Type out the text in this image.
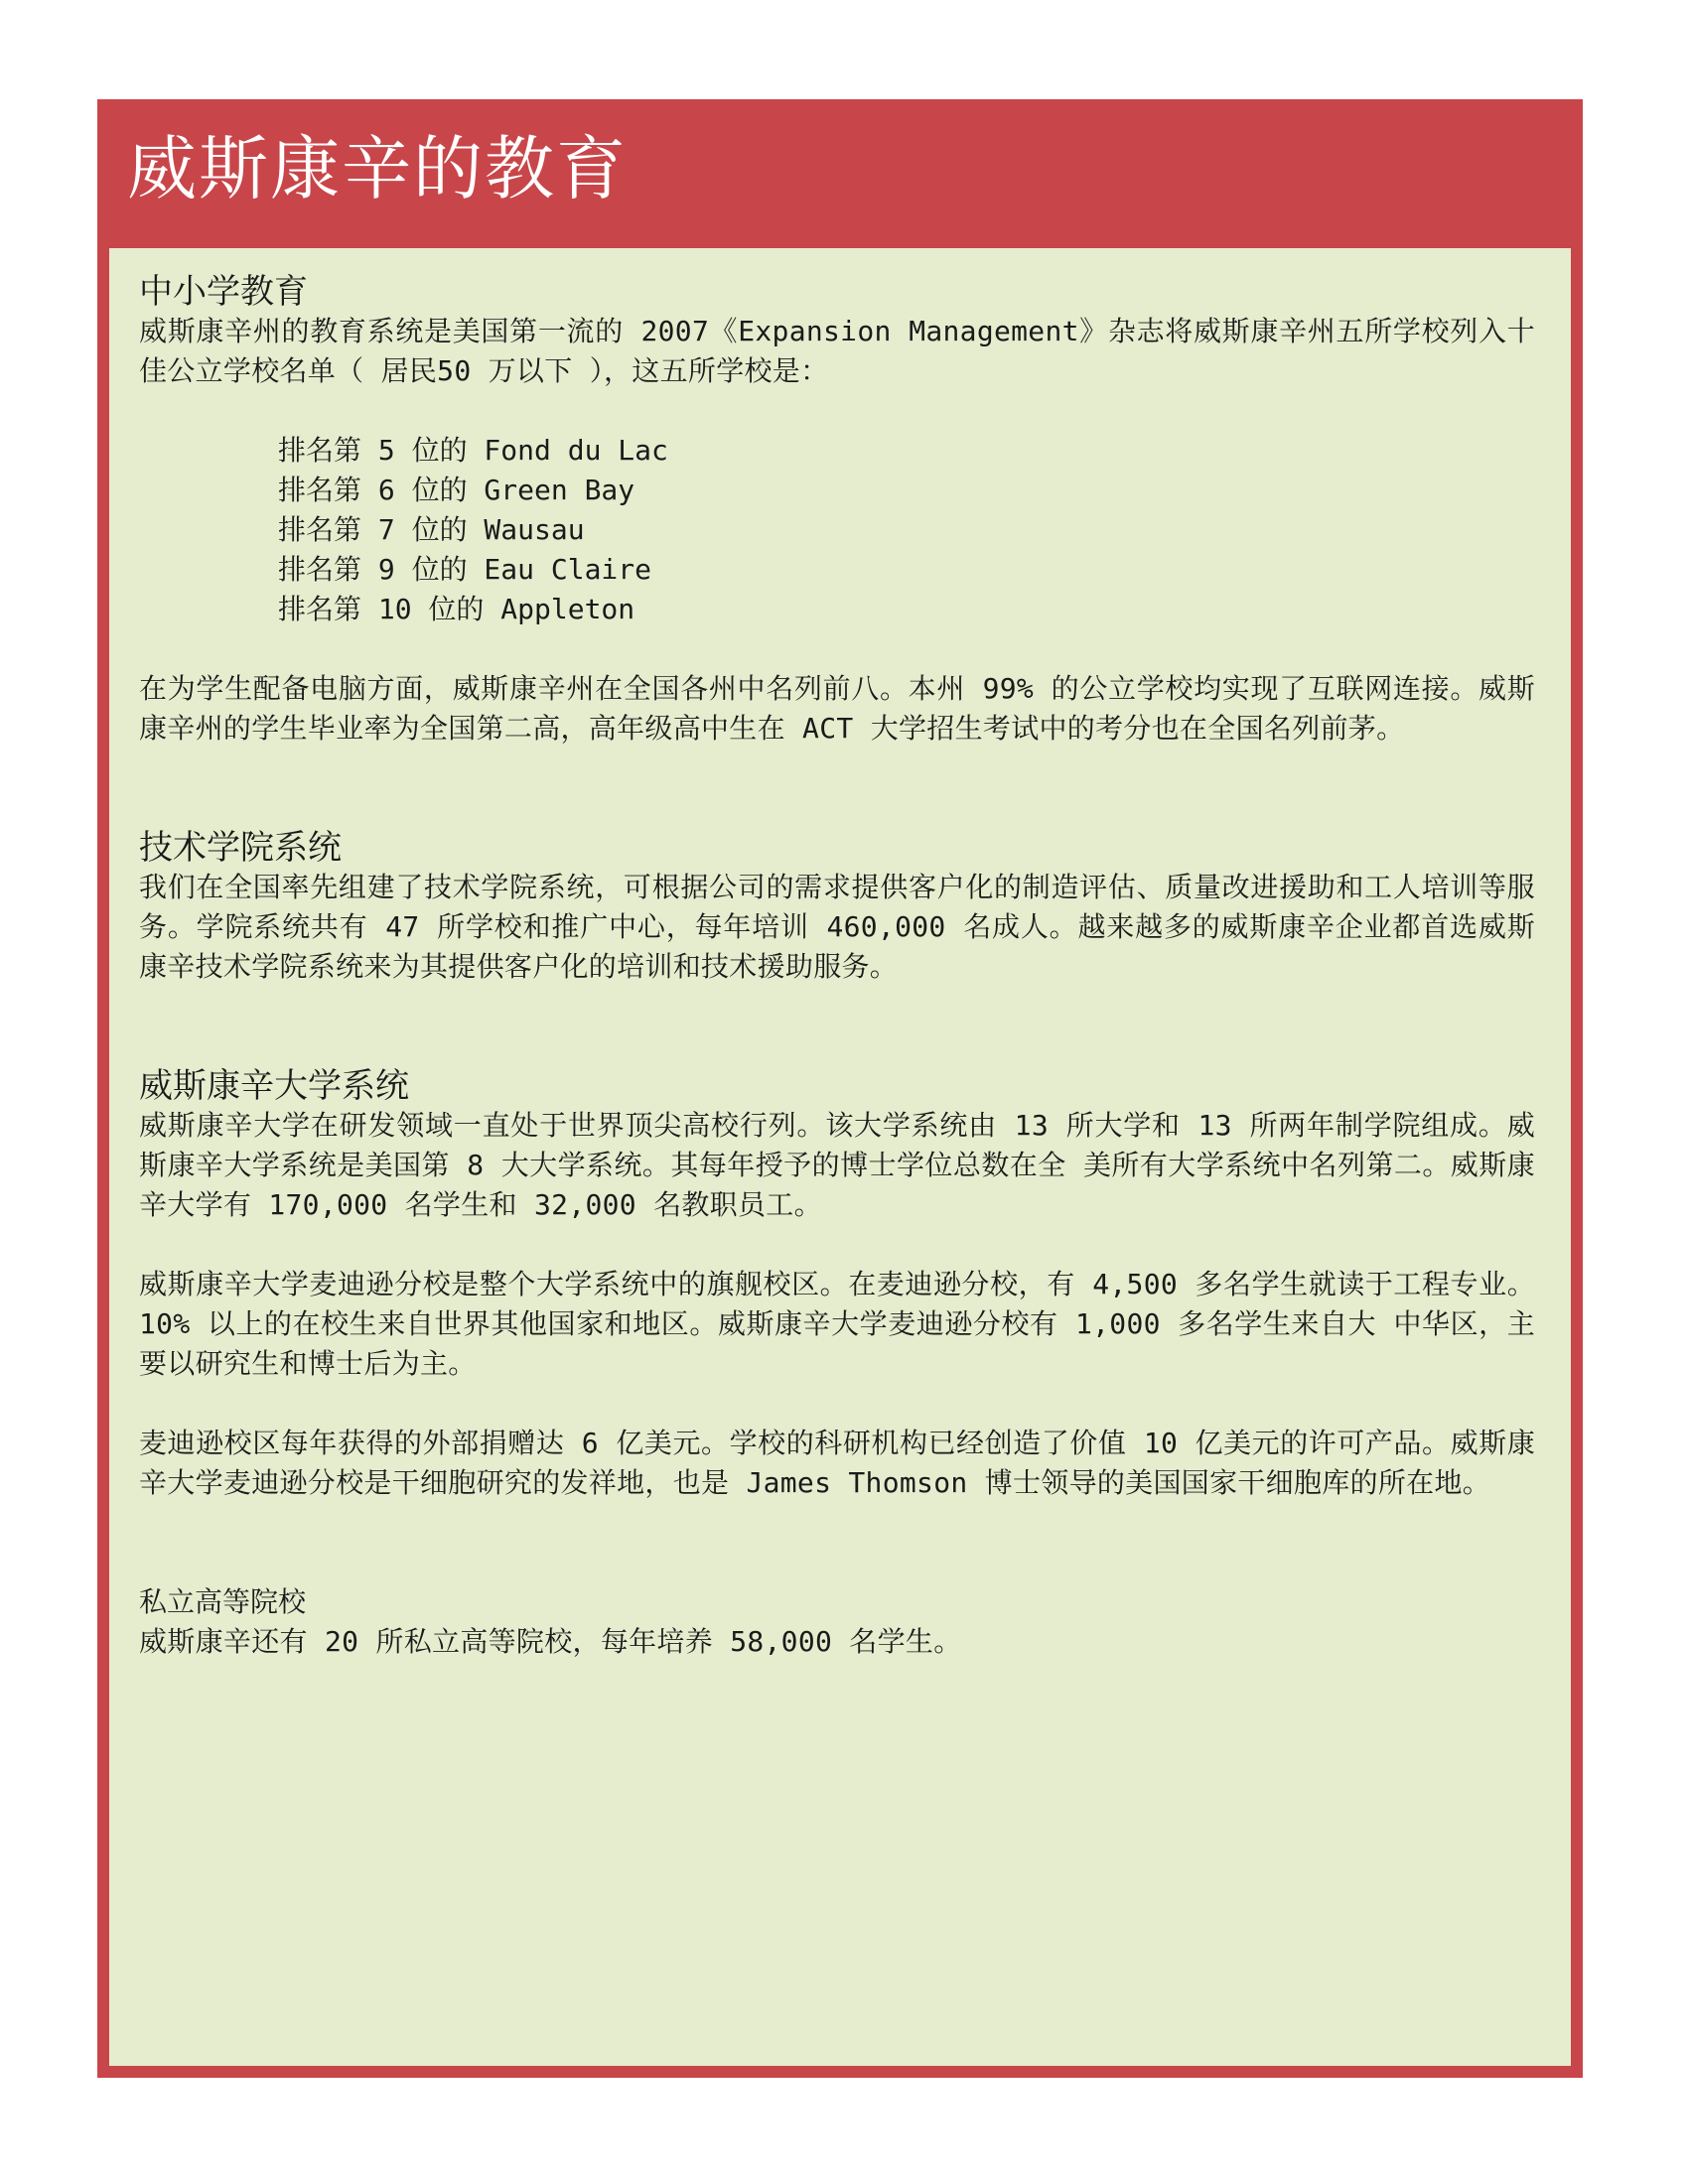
威斯康辛的教育
中小学教育

威斯康辛州的教育系统是美国第一流的 2007《Expansion Management》杂志将威斯康辛州五所学校列入十佳公立学校名单（ 居民50 万以下 ），这五所学校是：

排名第 5 位的 Fond du Lac
排名第 6 位的 Green Bay
排名第 7 位的 Wausau
排名第 9 位的 Eau Claire
排名第 10 位的 Appleton

在为学生配备电脑方面，威斯康辛州在全国各州中名列前八。本州 99% 的公立学校均实现了互联网连接。威斯康辛州的学生毕业率为全国第二高，高年级高中生在 ACT 大学招生考试中的考分也在全国名列前茅。

技术学院系统

我们在全国率先组建了技术学院系统，可根据公司的需求提供客户化的制造评估、质量改进援助和工人培训等服务。学院系统共有 47 所学校和推广中心，每年培训 460,000 名成人。越来越多的威斯康辛企业都首选威斯康辛技术学院系统来为其提供客户化的培训和技术援助服务。

威斯康辛大学系统

威斯康辛大学在研发领域一直处于世界顶尖高校行列。该大学系统由 13 所大学和 13 所两年制学院组成。威斯康辛大学系统是美国第 8 大大学系统。其每年授予的博士学位总数在全 美所有大学系统中名列第二。威斯康辛大学有 170,000 名学生和 32,000 名教职员工。

威斯康辛大学麦迪逊分校是整个大学系统中的旗舰校区。在麦迪逊分校，有 4,500 多名学生就读于工程专业。10% 以上的在校生来自世界其他国家和地区。威斯康辛大学麦迪逊分校有 1,000 多名学生来自大 中华区，主要以研究生和博士后为主。

麦迪逊校区每年获得的外部捐赠达 6 亿美元。学校的科研机构已经创造了价值 10 亿美元的许可产品。威斯康辛大学麦迪逊分校是干细胞研究的发祥地，也是 James Thomson 博士领导的美国国家干细胞库的所在地。

私立高等院校

威斯康辛还有 20 所私立高等院校，每年培养 58,000 名学生。
